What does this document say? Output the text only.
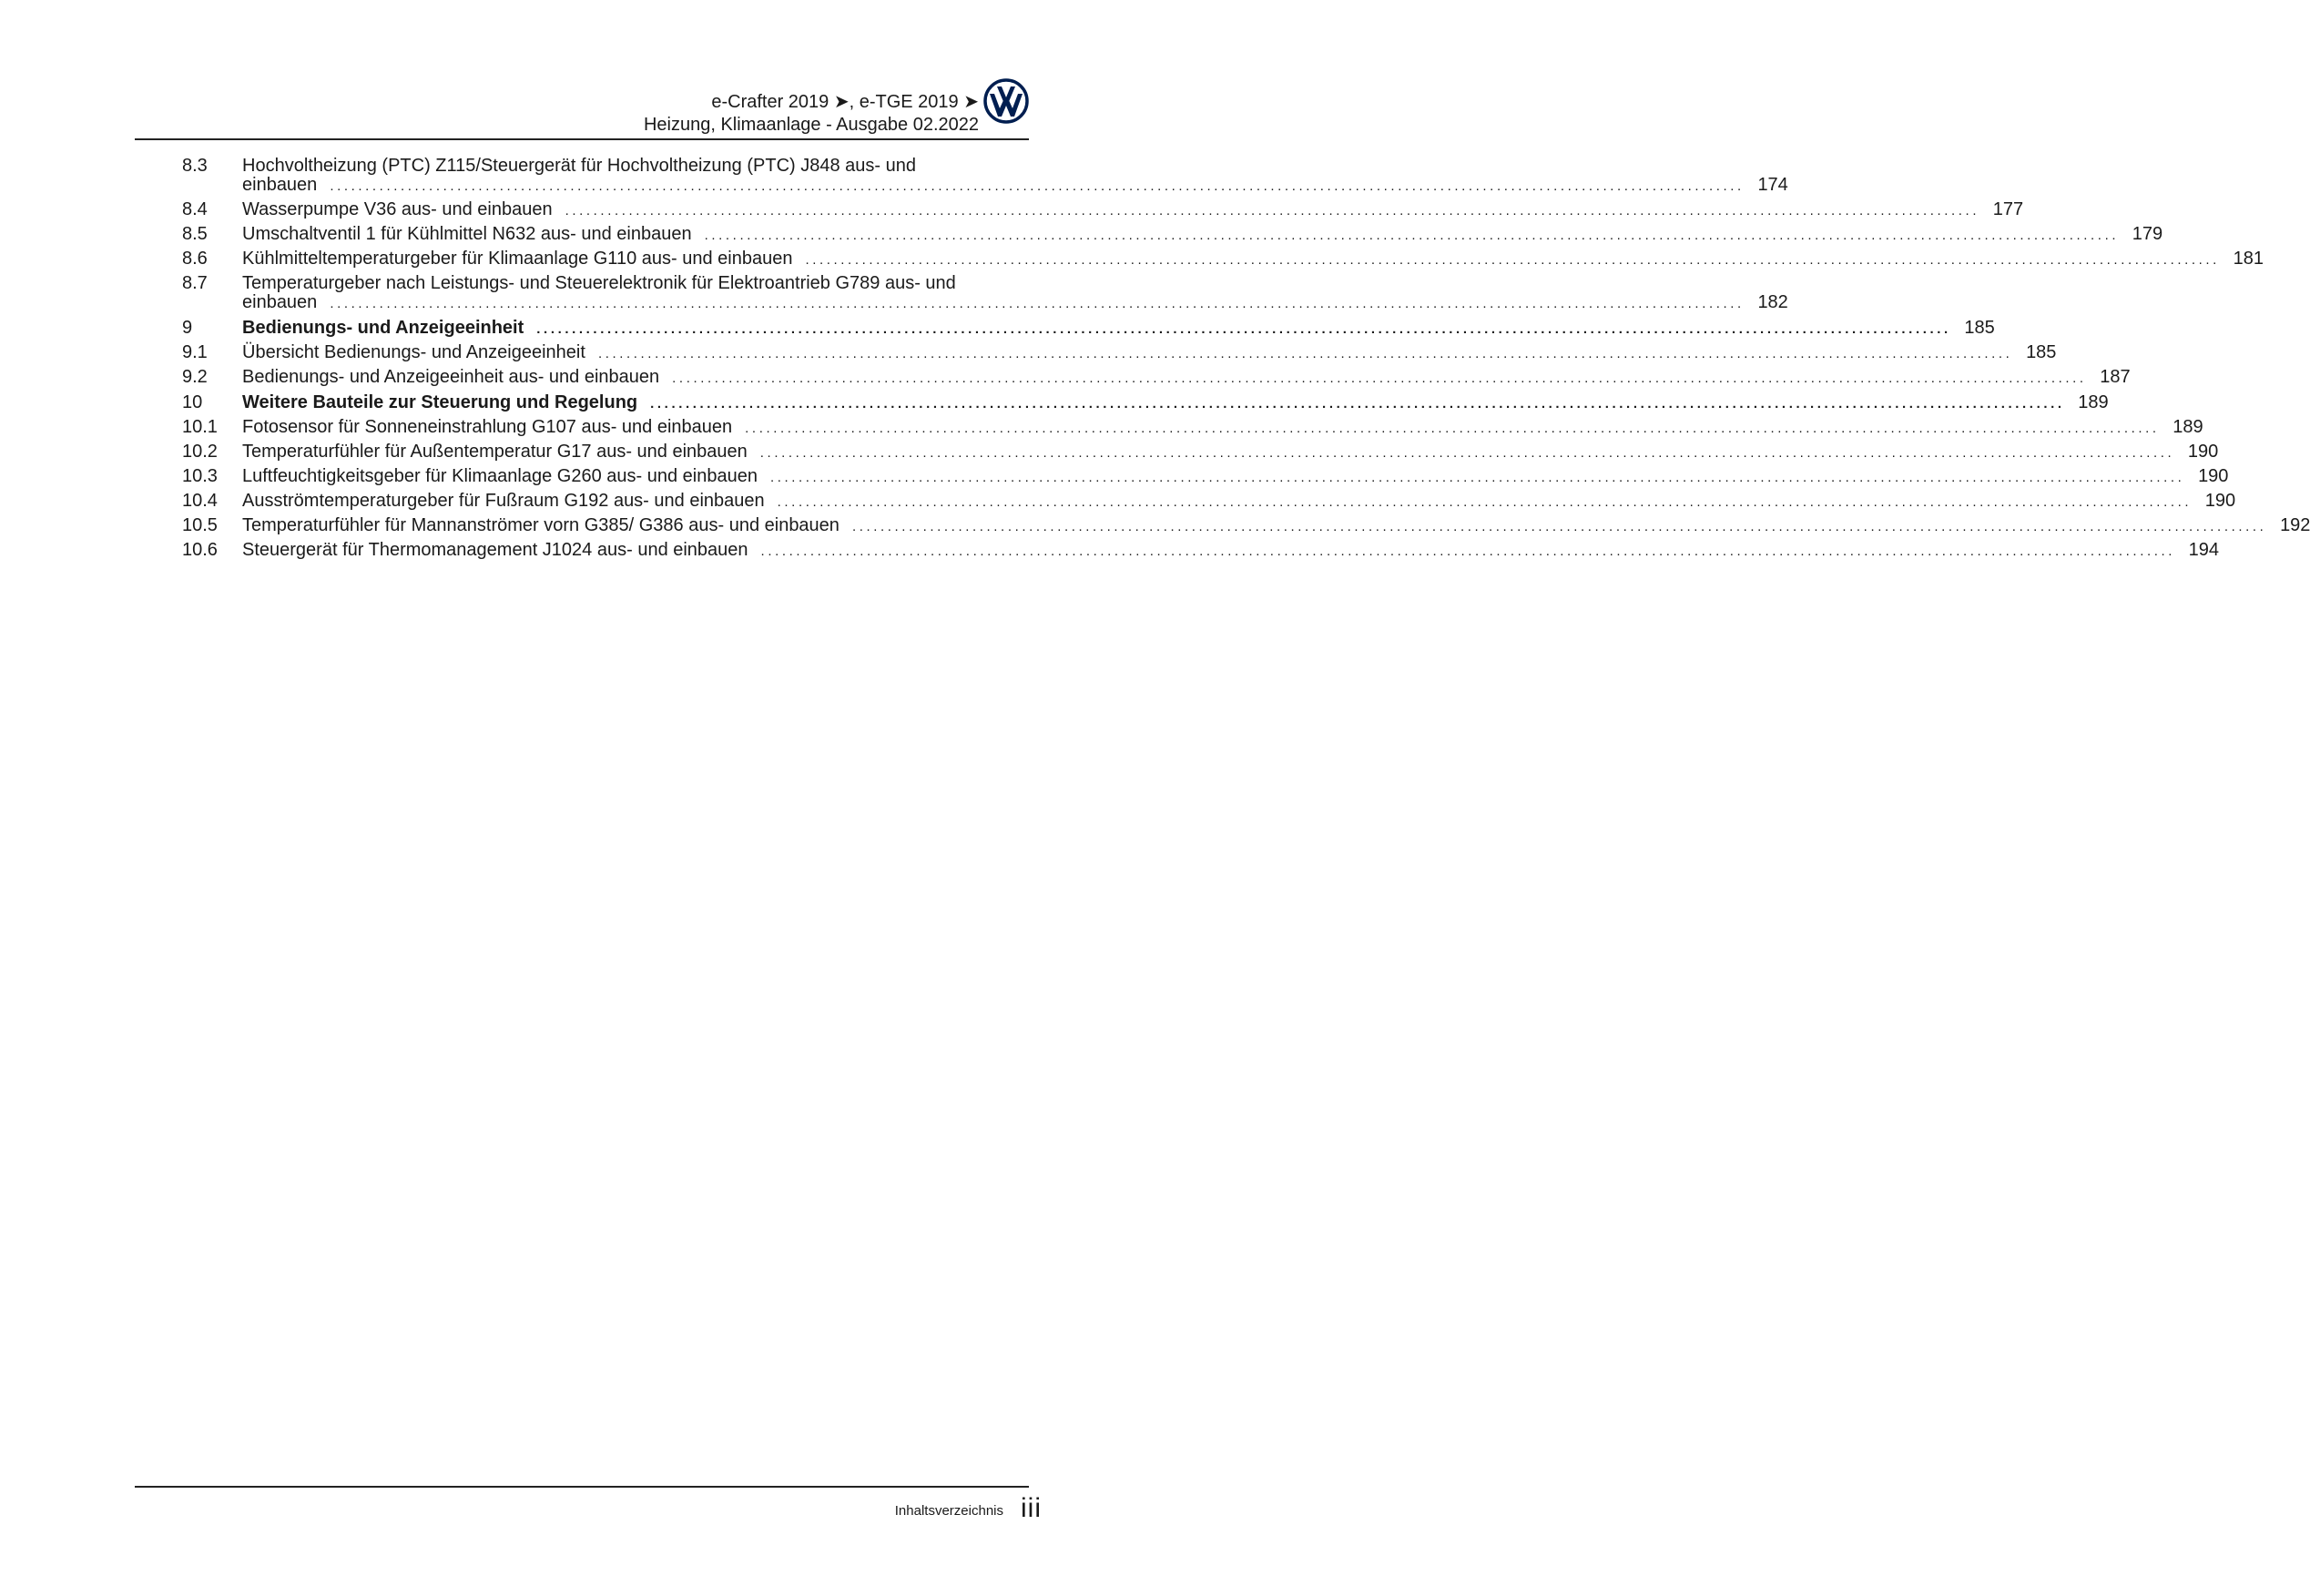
e-Crafter 2019 ➤, e-TGE 2019 ➤
Heizung, Klimaanlage - Ausgabe 02.2022
8.3	Hochvoltheizung (PTC) Z115/Steuergerät für Hochvoltheizung (PTC) J848 aus- und
einbauen ........................................................................................................................................................................................................ 174
8.4	Wasserpumpe V36 aus- und einbauen ........................................................................................................................................................................................................ 177
8.5	Umschaltventil 1 für Kühlmittel N632 aus- und einbauen ........................................................................................................................................................................................................ 179
8.6	Kühlmitteltemperaturgeber für Klimaanlage G110 aus- und einbauen ........................................................................................................................................................................................................ 181
8.7	Temperaturgeber nach Leistungs- und Steuerelektronik für Elektroantrieb G789 aus- und
einbauen ........................................................................................................................................................................................................ 182
9	Bedienungs- und Anzeigeeinheit ........................................................................................................................................................................................................ 185
9.1	Übersicht Bedienungs- und Anzeigeeinheit ........................................................................................................................................................................................................ 185
9.2	Bedienungs- und Anzeigeeinheit aus- und einbauen ........................................................................................................................................................................................................ 187
10	Weitere Bauteile zur Steuerung und Regelung ........................................................................................................................................................................................................ 189
10.1	Fotosensor für Sonneneinstrahlung G107 aus- und einbauen ........................................................................................................................................................................................................ 189
10.2	Temperaturfühler für Außentemperatur G17 aus- und einbauen ........................................................................................................................................................................................................ 190
10.3	Luftfeuchtigkeitsgeber für Klimaanlage G260 aus- und einbauen ........................................................................................................................................................................................................ 190
10.4	Ausströmtemperaturgeber für Fußraum G192 aus- und einbauen ........................................................................................................................................................................................................ 190
10.5	Temperaturfühler für Mannanströmer vorn G385/ G386 aus- und einbauen ........................................................................................................................................................................................................ 192
10.6	Steuergerät für Thermomanagement J1024 aus- und einbauen ........................................................................................................................................................................................................ 194
Inhaltsverzeichnis iii
